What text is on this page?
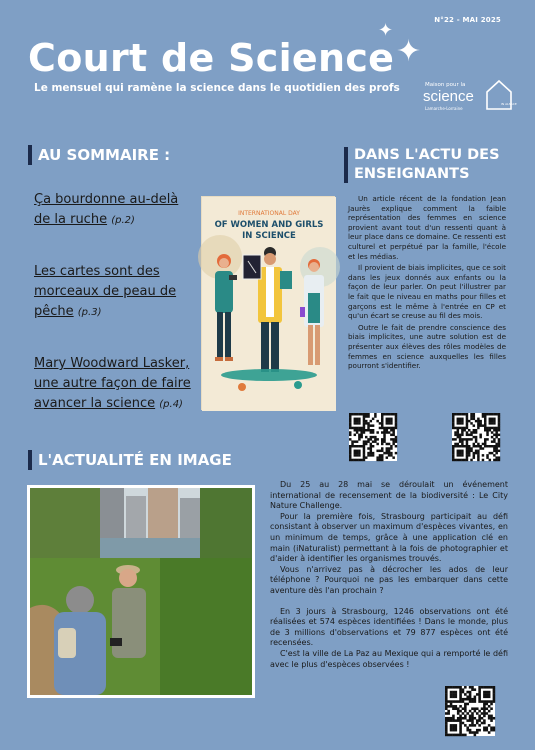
N°22 - MAI 2025
✦
✦
Court de Science
Le mensuel qui ramène la science dans le quotidien des profs	Maison pour la
science
Lamarche-Lorraine
IN ALSACE
AU SOMMAIRE :
Ça bourdonne au-delà de la ruche (p.2)
Les cartes sont des morceaux de peau de pêche (p.3)
Mary Woodward Lasker, une autre façon de faire avancer la science (p.4)
INTERNATIONAL DAY
OF WOMEN AND GIRLS
IN SCIENCE
DANS L'ACTU DES ENSEIGNANTS

Un article récent de la fondation Jean Jaurès explique comment la faible représentation des femmes en science provient avant tout d'un ressenti quant à leur place dans ce domaine. Ce ressenti est culturel et perpétué par la famille, l'école et les médias.

Il provient de biais implicites, que ce soit dans les jeux donnés aux enfants ou la façon de leur parler. On peut l'illustrer par le fait que le niveau en maths pour filles et garçons est le même à l'entrée en CP et qu'un écart se creuse au fil des mois.

Outre le fait de prendre conscience des biais implicites, une autre solution est de présenter aux élèves des rôles modèles de femmes en science auxquelles les filles pourront s'identifier.

L'ACTUALITÉ EN IMAGE

Du 25 au 28 mai se déroulait un événement international de recensement de la biodiversité : Le City Nature Challenge.

Pour la première fois, Strasbourg participait au défi consistant à observer un maximum d'espèces vivantes, en un minimum de temps, grâce à une application clé en main (iNaturalist) permettant à la fois de photographier et d'aider à identifier les organismes trouvés.

Vous n'arrivez pas à décrocher les ados de leur téléphone ? Pourquoi ne pas les embarquer dans cette aventure dès l'an prochain ?

En 3 jours à Strasbourg, 1246 observations ont été réalisées et 574 espèces identifiées ! Dans le monde, plus de 3 millions d'observations et 79 877 espèces ont été recensées.

C'est la ville de La Paz au Mexique qui a remporté le défi avec le plus d'espèces observées !
